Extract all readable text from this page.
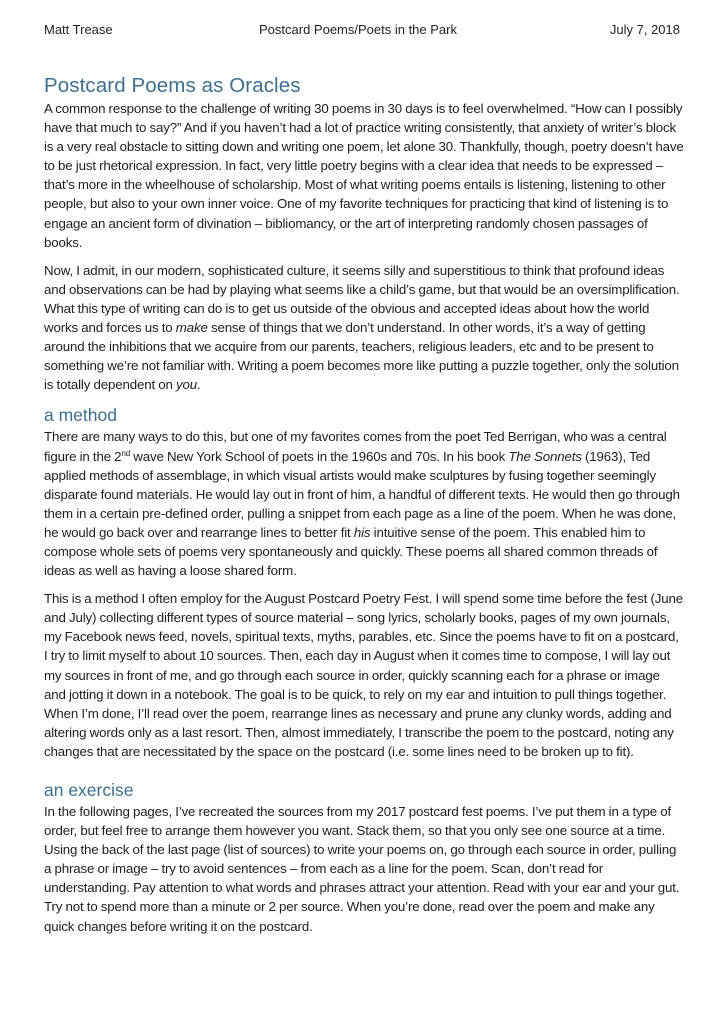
Matt Trease	Postcard Poems/Poets in the Park	July 7, 2018
Postcard Poems as Oracles

A common response to the challenge of writing 30 poems in 30 days is to feel overwhelmed. “How can I possibly have that much to say?” And if you haven’t had a lot of practice writing consistently, that anxiety of writer’s block is a very real obstacle to sitting down and writing one poem, let alone 30. Thankfully, though, poetry doesn’t have to be just rhetorical expression. In fact, very little poetry begins with a clear idea that needs to be expressed – that’s more in the wheelhouse of scholarship. Most of what writing poems entails is listening, listening to other people, but also to your own inner voice. One of my favorite techniques for practicing that kind of listening is to engage an ancient form of divination – bibliomancy, or the art of interpreting randomly chosen passages of books.

Now, I admit, in our modern, sophisticated culture, it seems silly and superstitious to think that profound ideas and observations can be had by playing what seems like a child’s game, but that would be an oversimplification. What this type of writing can do is to get us outside of the obvious and accepted ideas about how the world works and forces us to make sense of things that we don’t understand. In other words, it’s a way of getting around the inhibitions that we acquire from our parents, teachers, religious leaders, etc and to be present to something we’re not familiar with. Writing a poem becomes more like putting a puzzle together, only the solution is totally dependent on you.

a method

There are many ways to do this, but one of my favorites comes from the poet Ted Berrigan, who was a central figure in the 2nd wave New York School of poets in the 1960s and 70s. In his book The Sonnets (1963), Ted applied methods of assemblage, in which visual artists would make sculptures by fusing together seemingly disparate found materials. He would lay out in front of him, a handful of different texts. He would then go through them in a certain pre-defined order, pulling a snippet from each page as a line of the poem. When he was done, he would go back over and rearrange lines to better fit his intuitive sense of the poem. This enabled him to compose whole sets of poems very spontaneously and quickly. These poems all shared common threads of ideas as well as having a loose shared form.

This is a method I often employ for the August Postcard Poetry Fest. I will spend some time before the fest (June and July) collecting different types of source material – song lyrics, scholarly books, pages of my own journals, my Facebook news feed, novels, spiritual texts, myths, parables, etc. Since the poems have to fit on a postcard, I try to limit myself to about 10 sources. Then, each day in August when it comes time to compose, I will lay out my sources in front of me, and go through each source in order, quickly scanning each for a phrase or image and jotting it down in a notebook. The goal is to be quick, to rely on my ear and intuition to pull things together. When I’m done, I’ll read over the poem, rearrange lines as necessary and prune any clunky words, adding and altering words only as a last resort. Then, almost immediately, I transcribe the poem to the postcard, noting any changes that are necessitated by the space on the postcard (i.e. some lines need to be broken up to fit).

an exercise

In the following pages, I’ve recreated the sources from my 2017 postcard fest poems. I’ve put them in a type of order, but feel free to arrange them however you want. Stack them, so that you only see one source at a time. Using the back of the last page (list of sources) to write your poems on, go through each source in order, pulling a phrase or image – try to avoid sentences – from each as a line for the poem. Scan, don’t read for understanding. Pay attention to what words and phrases attract your attention. Read with your ear and your gut. Try not to spend more than a minute or 2 per source. When you’re done, read over the poem and make any quick changes before writing it on the postcard.
